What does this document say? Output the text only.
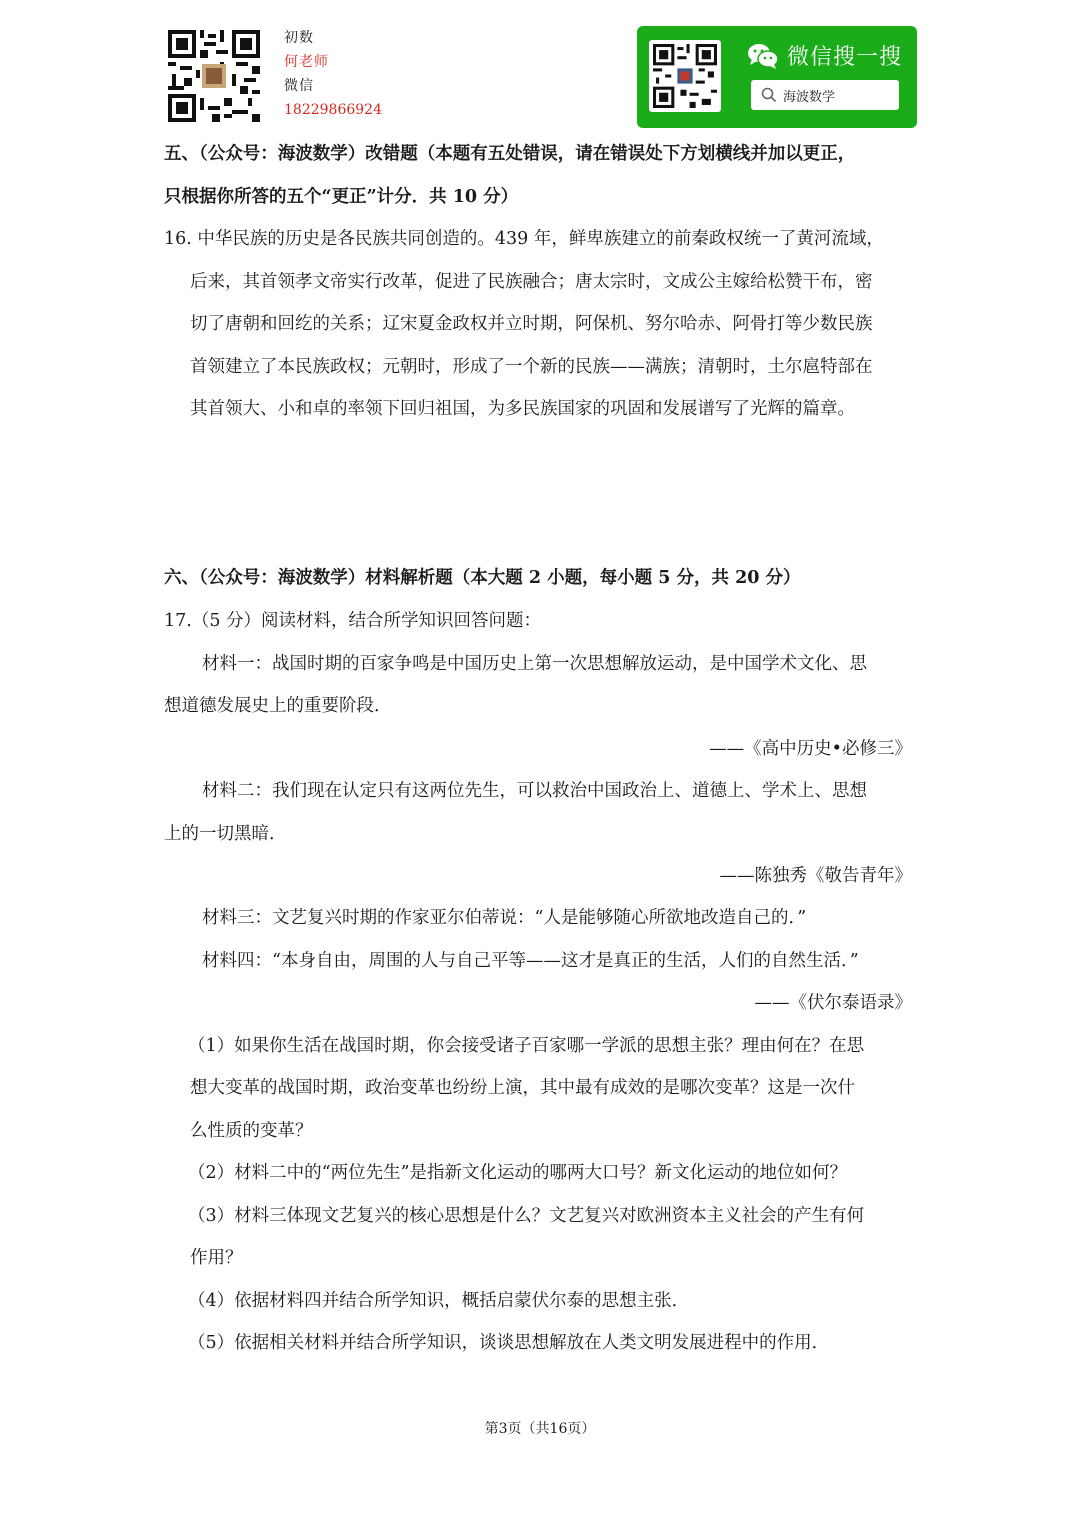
初数
何老师
微信
18229866924
微信搜一搜
海波数学
五、（公众号：海波数学）改错题（本题有五处错误，请在错误处下方划横线并加以更正，
只根据你所答的五个“更正”计分．共 10 分）
16. 中华民族的历史是各民族共同创造的。439 年，鲜卑族建立的前秦政权统一了黄河流域，
后来，其首领孝文帝实行改革，促进了民族融合；唐太宗时，文成公主嫁给松赞干布，密
切了唐朝和回纥的关系；辽宋夏金政权并立时期，阿保机、努尔哈赤、阿骨打等少数民族
首领建立了本民族政权；元朝时，形成了一个新的民族——满族；清朝时，土尔扈特部在
其首领大、小和卓的率领下回归祖国，为多民族国家的巩固和发展谱写了光辉的篇章。
六、（公众号：海波数学）材料解析题（本大题 2 小题，每小题 5 分，共 20 分）
17.（5 分）阅读材料，结合所学知识回答问题：
材料一：战国时期的百家争鸣是中国历史上第一次思想解放运动，是中国学术文化、思
想道德发展史上的重要阶段．
——《高中历史•必修三》
材料二：我们现在认定只有这两位先生，可以救治中国政治上、道德上、学术上、思想
上的一切黑暗．
——陈独秀《敬告青年》
材料三：文艺复兴时期的作家亚尔伯蒂说：“人是能够随心所欲地改造自己的．”
材料四：“本身自由，周围的人与自己平等——这才是真正的生活，人们的自然生活．”
——《伏尔泰语录》
（1）如果你生活在战国时期，你会接受诸子百家哪一学派的思想主张？理由何在？在思
想大变革的战国时期，政治变革也纷纷上演，其中最有成效的是哪次变革？这是一次什
么性质的变革？
（2）材料二中的“两位先生”是指新文化运动的哪两大口号？新文化运动的地位如何？
（3）材料三体现文艺复兴的核心思想是什么？文艺复兴对欧洲资本主义社会的产生有何
作用？
（4）依据材料四并结合所学知识，概括启蒙伏尔泰的思想主张．
（5）依据相关材料并结合所学知识，谈谈思想解放在人类文明发展进程中的作用．
第3页（共16页）
